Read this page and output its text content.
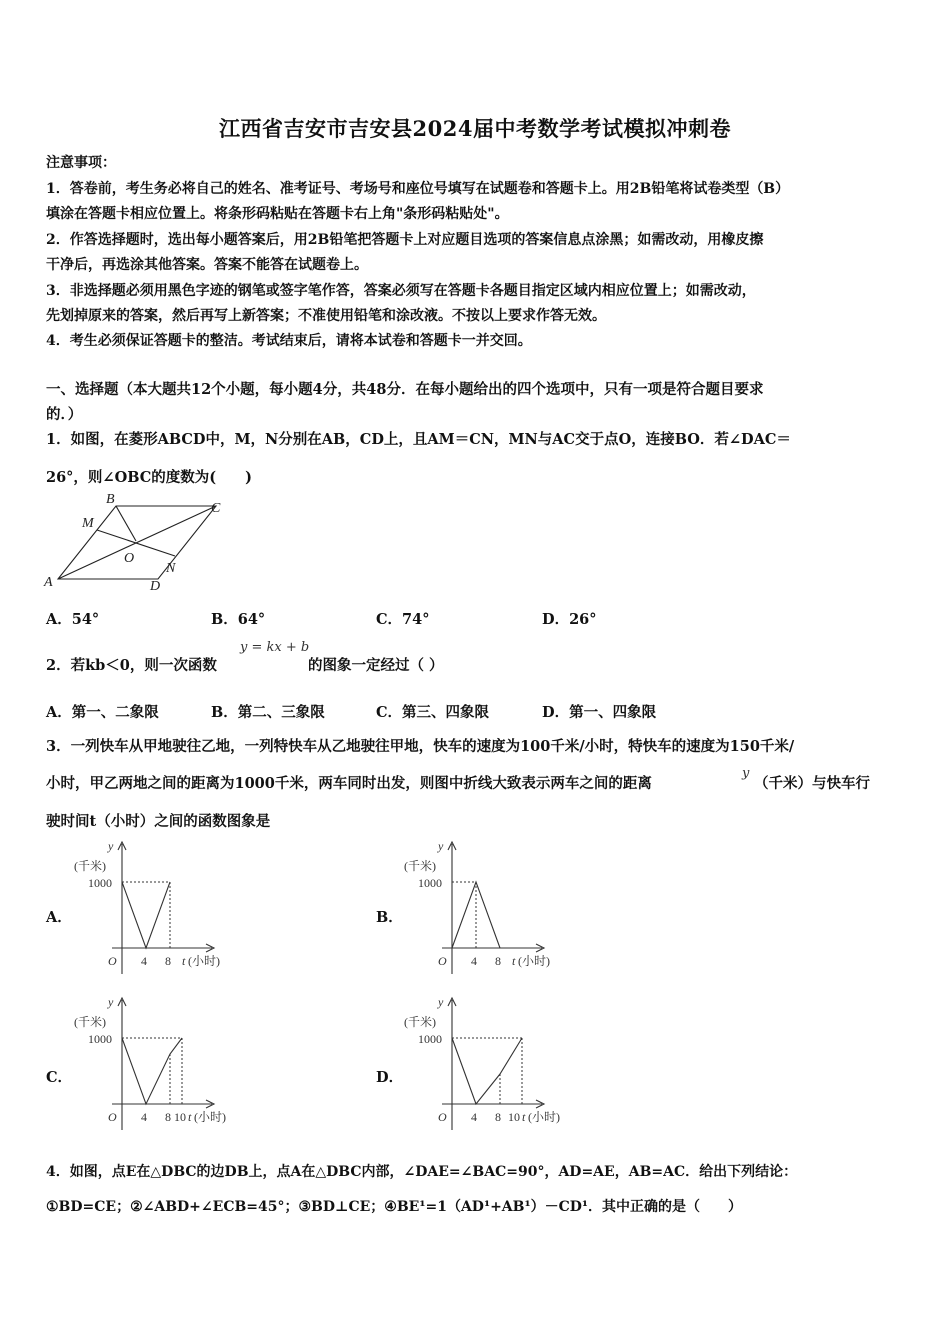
江西省吉安市吉安县2024届中考数学考试模拟冲刺卷
注意事项：
1．答卷前，考生务必将自己的姓名、准考证号、考场号和座位号填写在试题卷和答题卡上。用2B铅笔将试卷类型（B）
填涂在答题卡相应位置上。将条形码粘贴在答题卡右上角"条形码粘贴处"。
2．作答选择题时，选出每小题答案后，用2B铅笔把答题卡上对应题目选项的答案信息点涂黑；如需改动，用橡皮擦
干净后，再选涂其他答案。答案不能答在试题卷上。
3．非选择题必须用黑色字迹的钢笔或签字笔作答，答案必须写在答题卡各题目指定区域内相应位置上；如需改动，
先划掉原来的答案，然后再写上新答案；不准使用铅笔和涂改液。不按以上要求作答无效。
4．考生必须保证答题卡的整洁。考试结束后，请将本试卷和答题卡一并交回。
一、选择题（本大题共12个小题，每小题4分，共48分．在每小题给出的四个选项中，只有一项是符合题目要求
的．）
1．如图，在菱形ABCD中，M，N分别在AB，CD上，且AM＝CN，MN与AC交于点O，连接BO．若∠DAC＝
26°，则∠OBC的度数为(　　)
A
B
C
D
M
N
O
A．54°	B．64°	C．74°	D．26°
2．若kb＜0，则一次函数
y = kx + b
的图象一定经过（ ）
A．第一、二象限	B．第二、三象限	C．第三、四象限	D．第一、四象限
3．一列快车从甲地驶往乙地，一列特快车从乙地驶往甲地，快车的速度为100千米/小时，特快车的速度为150千米/
小时，甲乙两地之间的距离为1000千米，两车同时出发，则图中折线大致表示两车之间的距离
y
（千米）与快车行
驶时间t（小时）之间的函数图象是
A．	B．
C．	D．
y
(千米)
1000
O 4 8 t (小时)
y
(千米)
1000
O 4 8 t (小时)
y
(千米)
1000
O 4 8 10 t (小时)
y
(千米)
1000
O 4 8 10 t (小时)
4．如图，点E在△DBC的边DB上，点A在△DBC内部，∠DAE=∠BAC=90°，AD=AE，AB=AC．给出下列结论：
①BD=CE；②∠ABD+∠ECB=45°；③BD⊥CE；④BE¹=1（AD¹+AB¹）－CD¹．其中正确的是（　　）
